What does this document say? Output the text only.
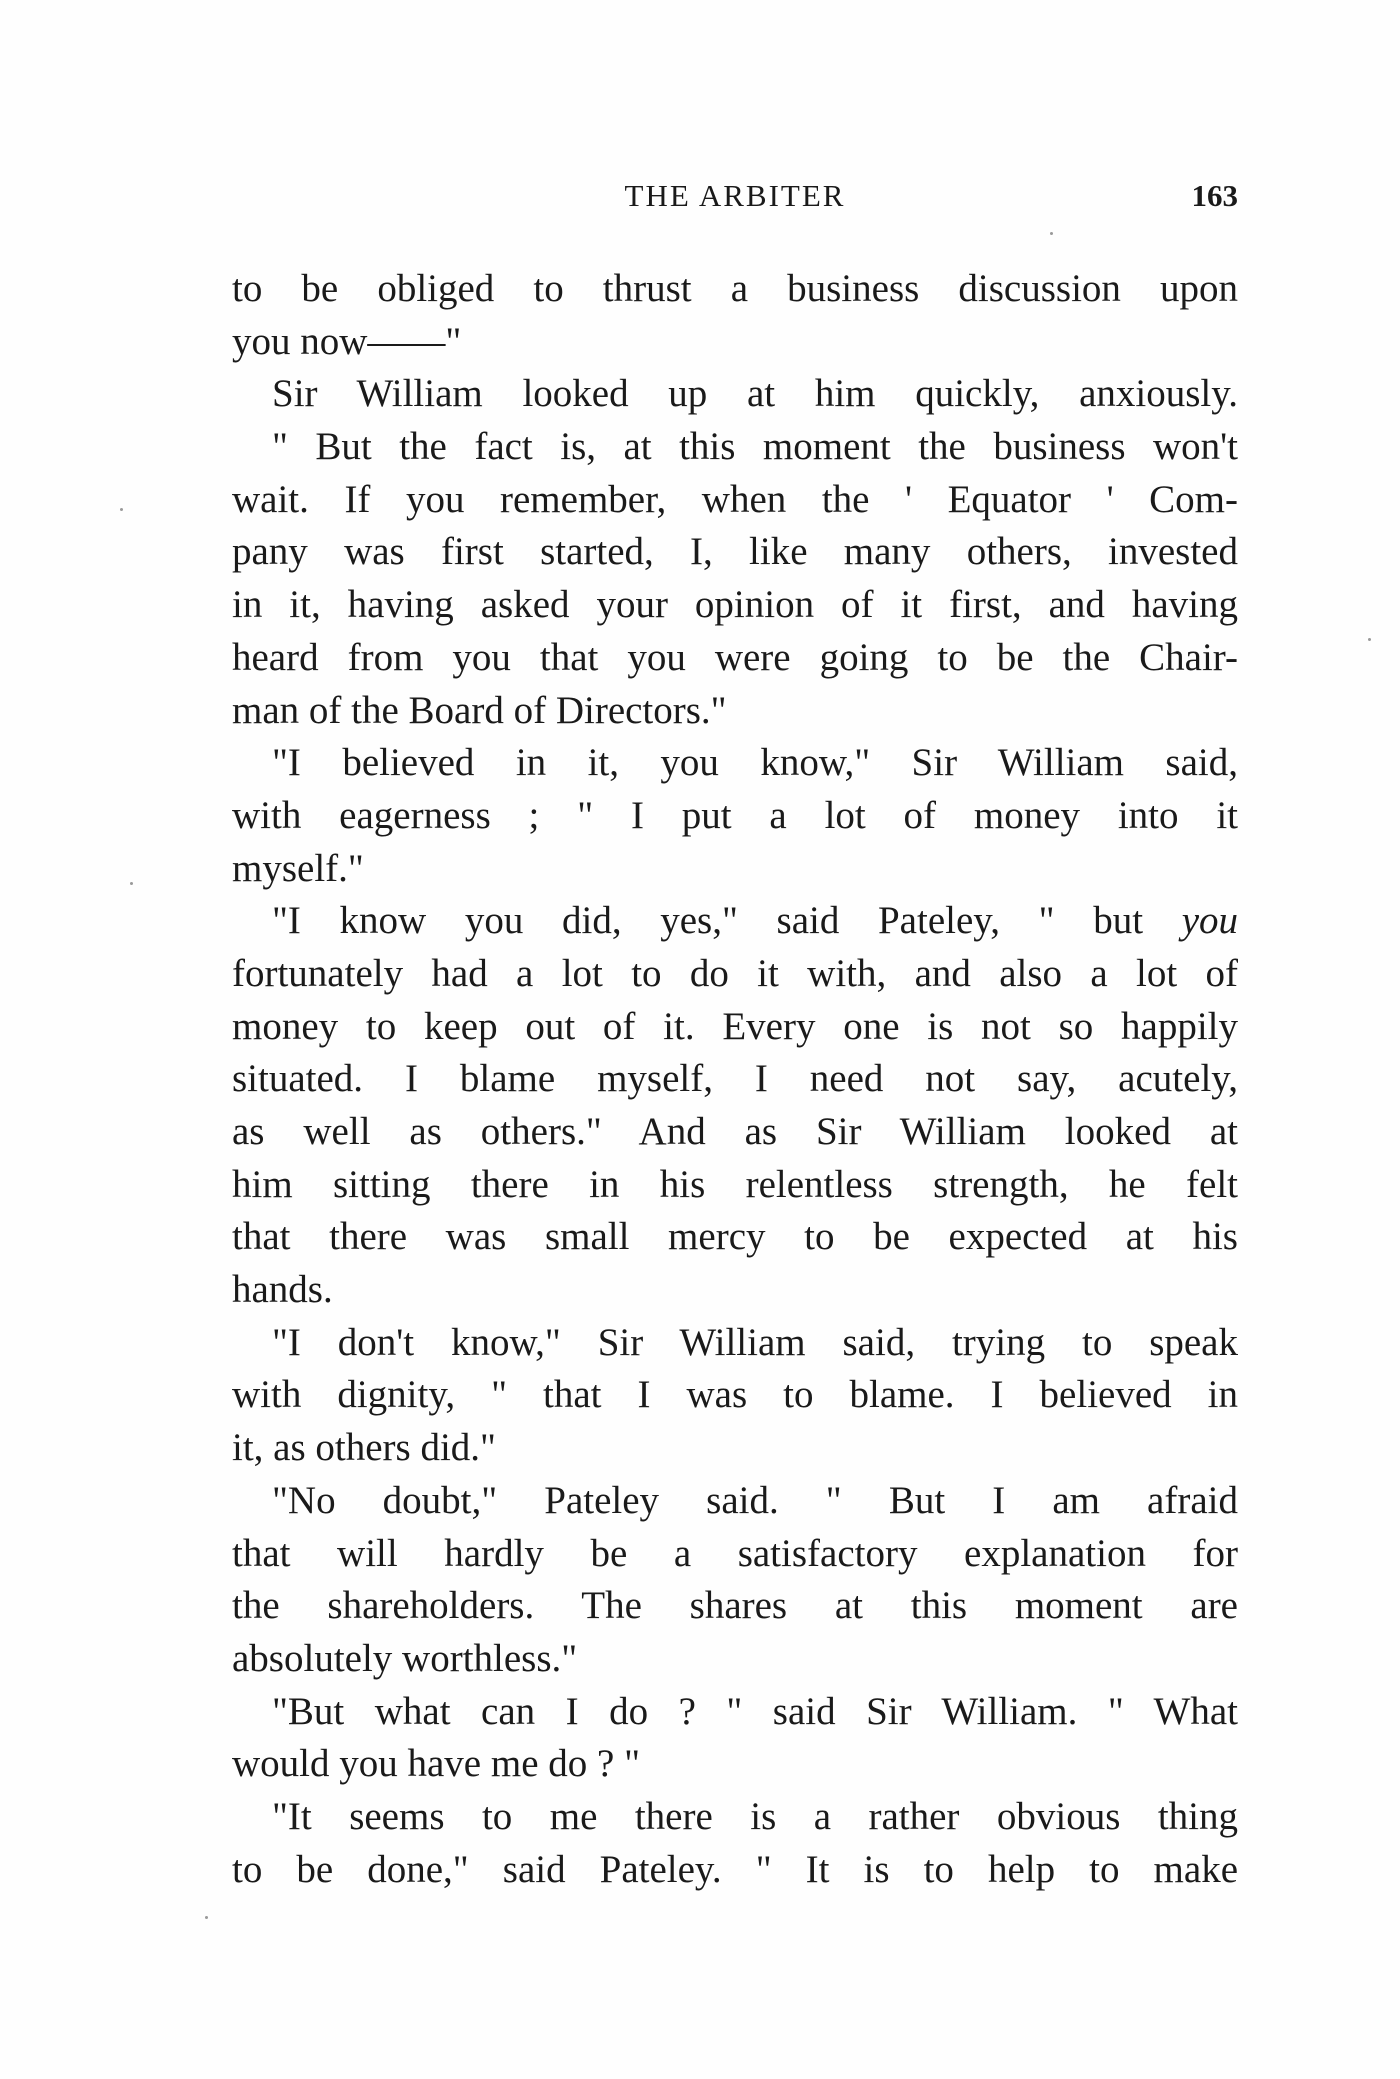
THE ARBITER	163
to be obliged to thrust a business discussion upon
you now——"
Sir William looked up at him quickly, anxiously.
" But the fact is, at this moment the business won't
wait. If you remember, when the ' Equator ' Com-
pany was first started, I, like many others, invested
in it, having asked your opinion of it first, and having
heard from you that you were going to be the Chair-
man of the Board of Directors."
"I believed in it, you know," Sir William said,
with eagerness ; " I put a lot of money into it
myself."
"I know you did, yes," said Pateley, " but you
fortunately had a lot to do it with, and also a lot of
money to keep out of it. Every one is not so happily
situated. I blame myself, I need not say, acutely,
as well as others." And as Sir William looked at
him sitting there in his relentless strength, he felt
that there was small mercy to be expected at his
hands.
"I don't know," Sir William said, trying to speak
with dignity, " that I was to blame. I believed in
it, as others did."
"No doubt," Pateley said. " But I am afraid
that will hardly be a satisfactory explanation for
the shareholders. The shares at this moment are
absolutely worthless."
"But what can I do ? " said Sir William. " What
would you have me do ? "
"It seems to me there is a rather obvious thing
to be done," said Pateley. " It is to help to make
